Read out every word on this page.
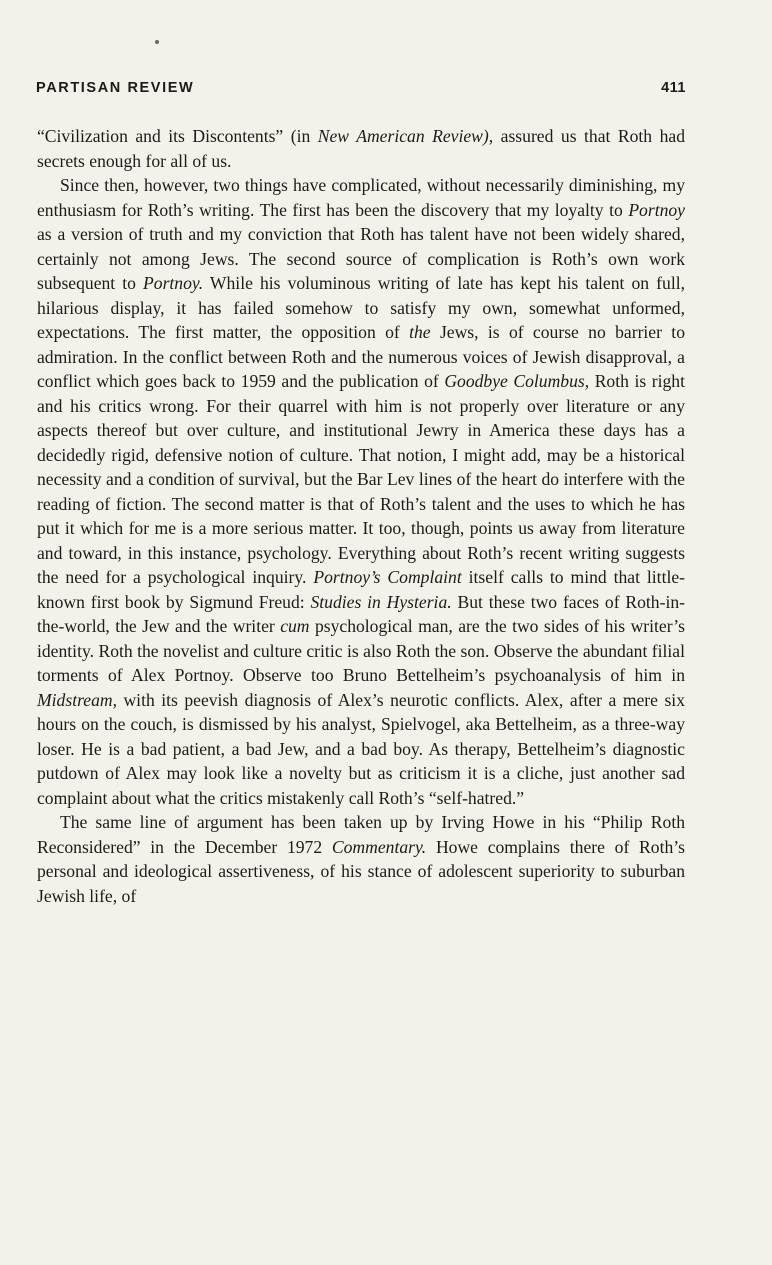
PARTISAN REVIEW	411

“Civilization and its Discontents” (in New American Review), assured us that Roth had secrets enough for all of us.

Since then, however, two things have complicated, without necessarily diminishing, my enthusiasm for Roth’s writing. The first has been the discovery that my loyalty to Portnoy as a version of truth and my conviction that Roth has talent have not been widely shared, certainly not among Jews. The second source of complication is Roth’s own work subsequent to Portnoy. While his voluminous writing of late has kept his talent on full, hilarious display, it has failed somehow to satisfy my own, somewhat unformed, expectations. The first matter, the opposition of the Jews, is of course no barrier to admiration. In the conflict between Roth and the numerous voices of Jewish disapproval, a conflict which goes back to 1959 and the publication of Goodbye Columbus, Roth is right and his critics wrong. For their quarrel with him is not properly over literature or any aspects thereof but over culture, and institutional Jewry in America these days has a decidedly rigid, defensive notion of culture. That notion, I might add, may be a historical necessity and a condition of survival, but the Bar Lev lines of the heart do interfere with the reading of fiction. The second matter is that of Roth’s talent and the uses to which he has put it which for me is a more serious matter. It too, though, points us away from literature and toward, in this instance, psychology. Everything about Roth’s recent writing suggests the need for a psychological inquiry. Portnoy’s Complaint itself calls to mind that little-known first book by Sigmund Freud: Studies in Hysteria. But these two faces of Roth-in-the-world, the Jew and the writer cum psychological man, are the two sides of his writer’s identity. Roth the novelist and culture critic is also Roth the son. Observe the abundant filial torments of Alex Portnoy. Observe too Bruno Bettelheim’s psychoanalysis of him in Midstream, with its peevish diagnosis of Alex’s neurotic conflicts. Alex, after a mere six hours on the couch, is dismissed by his analyst, Spielvogel, aka Bettelheim, as a three-way loser. He is a bad patient, a bad Jew, and a bad boy. As therapy, Bettelheim’s diagnostic putdown of Alex may look like a novelty but as criticism it is a cliche, just another sad complaint about what the critics mistakenly call Roth’s “self-hatred.”

The same line of argument has been taken up by Irving Howe in his “Philip Roth Reconsidered” in the December 1972 Commentary. Howe complains there of Roth’s personal and ideological assertiveness, of his stance of adolescent superiority to suburban Jewish life, of
